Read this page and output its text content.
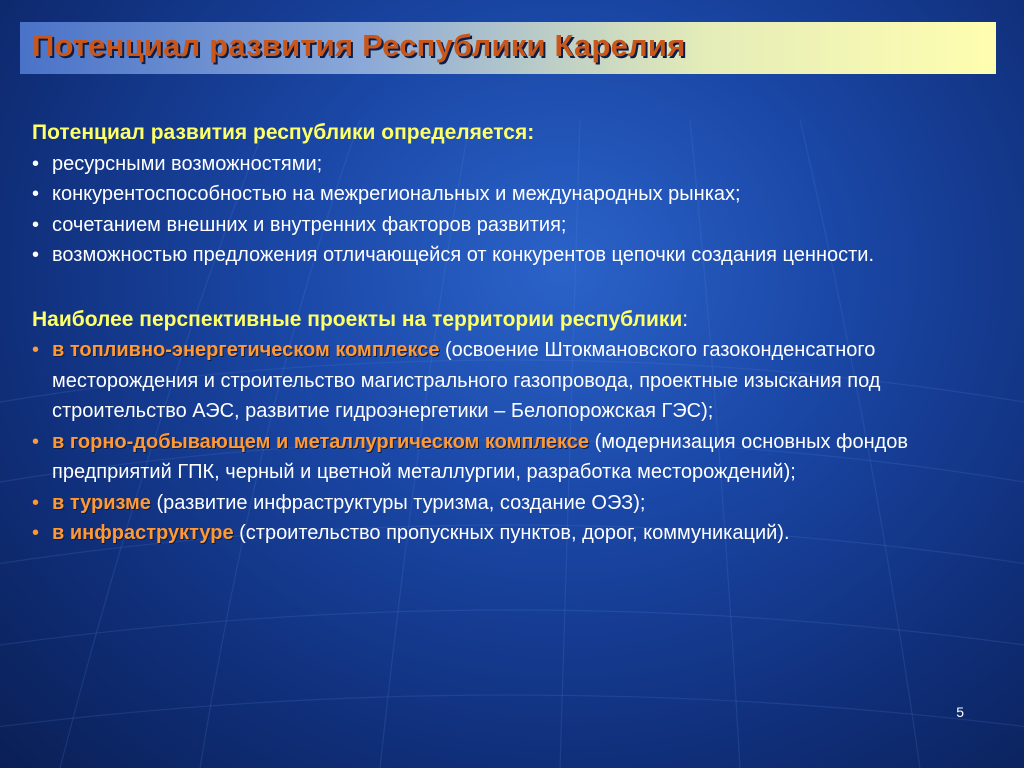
Потенциал развития Республики Карелия

Потенциал развития республики определяется:

• ресурсными возможностями;
• конкурентоспособностью на межрегиональных и международных рынках;
• сочетанием внешних и внутренних факторов развития;
• возможностью предложения отличающейся от конкурентов цепочки создания ценности.

Наиболее перспективные проекты на территории республики:

• в топливно-энергетическом комплексе (освоение Штокмановского газоконденсатного месторождения и строительство магистрального газопровода, проектные изыскания под строительство АЭС, развитие гидроэнергетики – Белопорожская ГЭС);
• в горно-добывающем и металлургическом комплексе (модернизация основных фондов предприятий ГПК, черный и цветной металлургии, разработка месторождений);
• в туризме (развитие инфраструктуры туризма, создание ОЭЗ);
• в инфраструктуре (строительство пропускных пунктов, дорог, коммуникаций).
5
